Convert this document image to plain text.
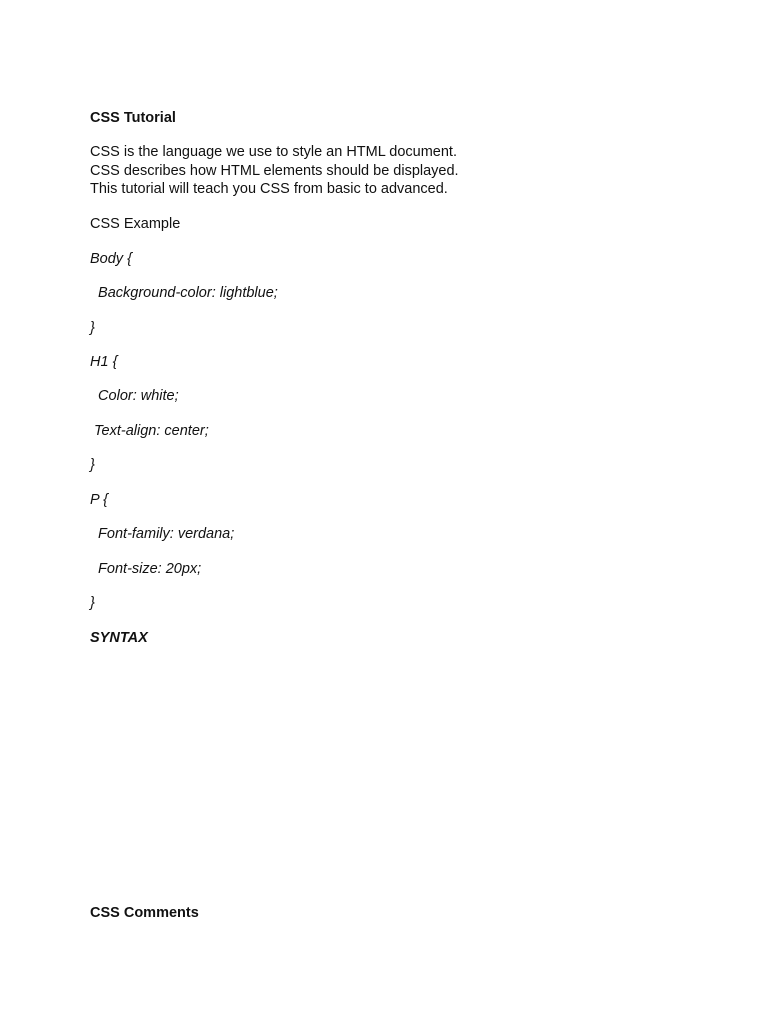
CSS Tutorial

CSS is the language we use to style an HTML document.
CSS describes how HTML elements should be displayed.
This tutorial will teach you CSS from basic to advanced.

CSS Example

Body {

Background-color: lightblue;

}

H1 {

Color: white;

Text-align: center;

}

P {

Font-family: verdana;

Font-size: 20px;

}

SYNTAX

CSS Comments
